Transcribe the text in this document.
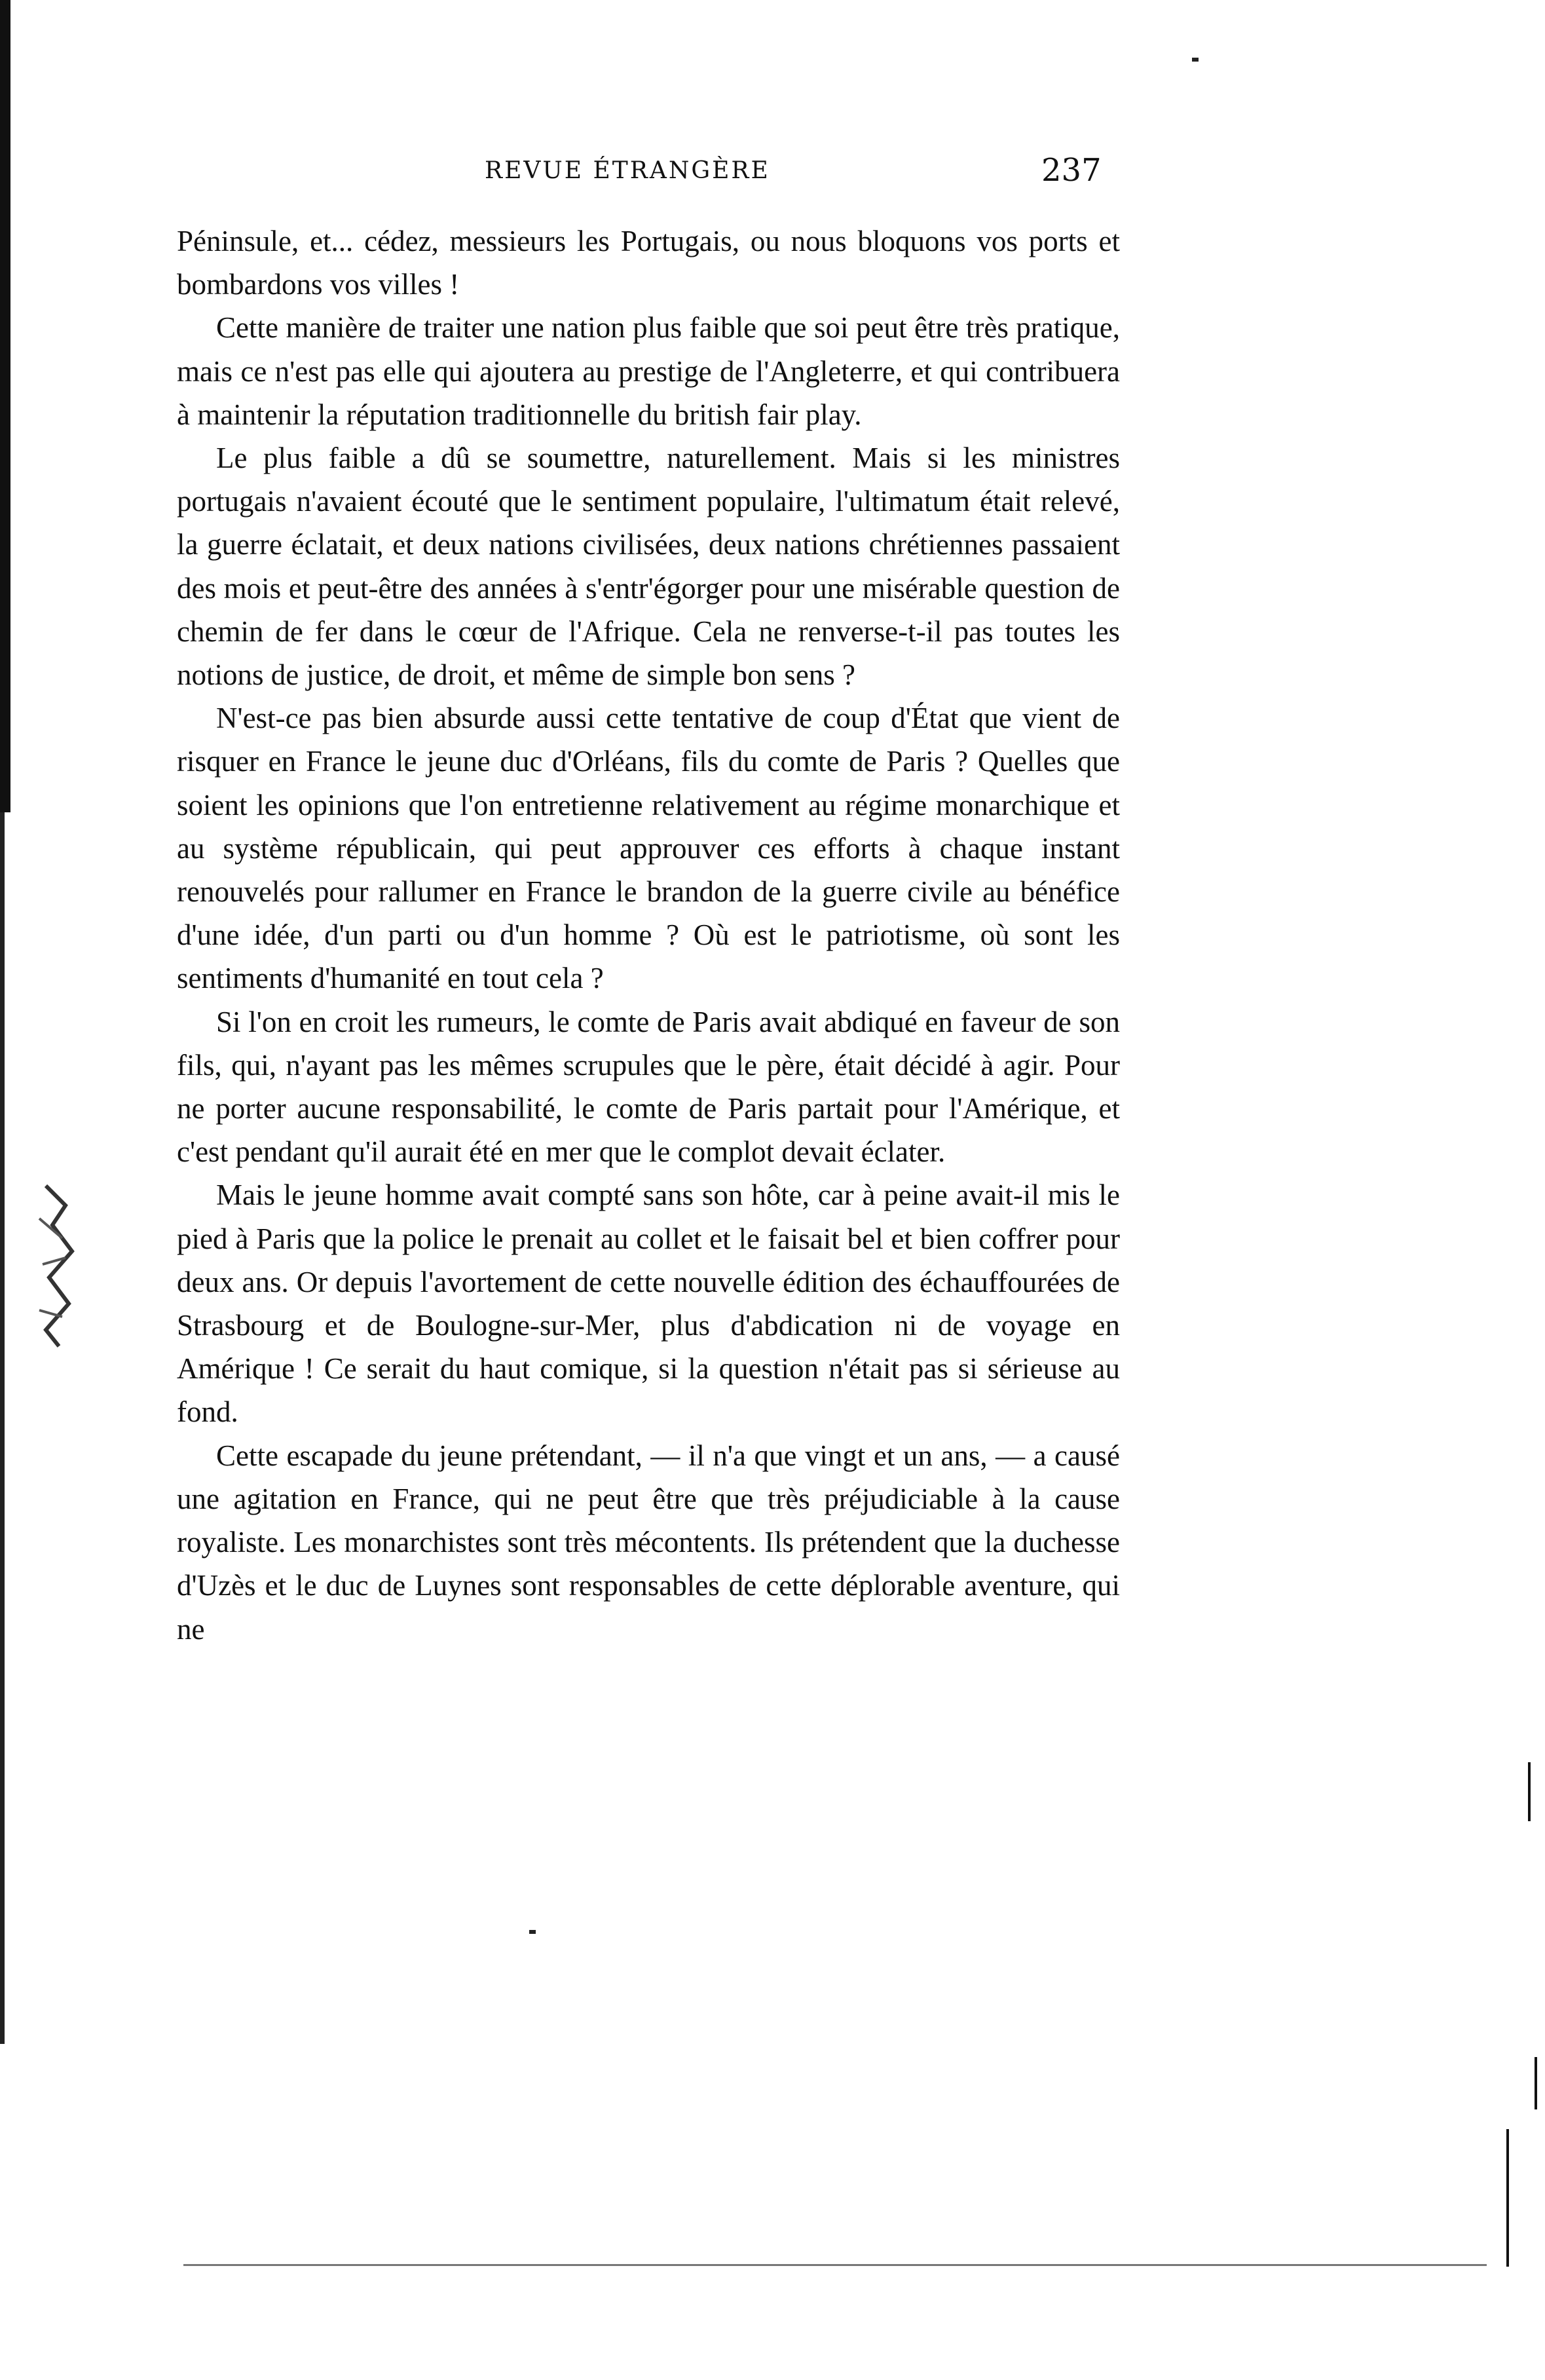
REVUE ÉTRANGÈRE	237

Péninsule, et... cédez, messieurs les Portugais, ou nous bloquons vos ports et bombardons vos villes !

Cette manière de traiter une nation plus faible que soi peut être très pratique, mais ce n'est pas elle qui ajoutera au prestige de l'Angleterre, et qui contribuera à maintenir la réputation traditionnelle du british fair play.

Le plus faible a dû se soumettre, naturellement. Mais si les ministres portugais n'avaient écouté que le sentiment populaire, l'ultimatum était relevé, la guerre éclatait, et deux nations civilisées, deux nations chrétiennes passaient des mois et peut-être des années à s'entr'égorger pour une misérable question de chemin de fer dans le cœur de l'Afrique. Cela ne renverse-t-il pas toutes les notions de justice, de droit, et même de simple bon sens ?

N'est-ce pas bien absurde aussi cette tentative de coup d'État que vient de risquer en France le jeune duc d'Orléans, fils du comte de Paris ? Quelles que soient les opinions que l'on entretienne relativement au régime monarchique et au système républicain, qui peut approuver ces efforts à chaque instant renouvelés pour rallumer en France le brandon de la guerre civile au bénéfice d'une idée, d'un parti ou d'un homme ? Où est le patriotisme, où sont les sentiments d'humanité en tout cela ?

Si l'on en croit les rumeurs, le comte de Paris avait abdiqué en faveur de son fils, qui, n'ayant pas les mêmes scrupules que le père, était décidé à agir. Pour ne porter aucune responsabilité, le comte de Paris partait pour l'Amérique, et c'est pendant qu'il aurait été en mer que le complot devait éclater.

Mais le jeune homme avait compté sans son hôte, car à peine avait-il mis le pied à Paris que la police le prenait au collet et le faisait bel et bien coffrer pour deux ans. Or depuis l'avortement de cette nouvelle édition des échauffourées de Strasbourg et de Boulogne-sur-Mer, plus d'abdication ni de voyage en Amérique ! Ce serait du haut comique, si la question n'était pas si sérieuse au fond.

Cette escapade du jeune prétendant, — il n'a que vingt et un ans, — a causé une agitation en France, qui ne peut être que très préjudiciable à la cause royaliste. Les monarchistes sont très mécontents. Ils prétendent que la duchesse d'Uzès et le duc de Luynes sont responsables de cette déplorable aventure, qui ne
